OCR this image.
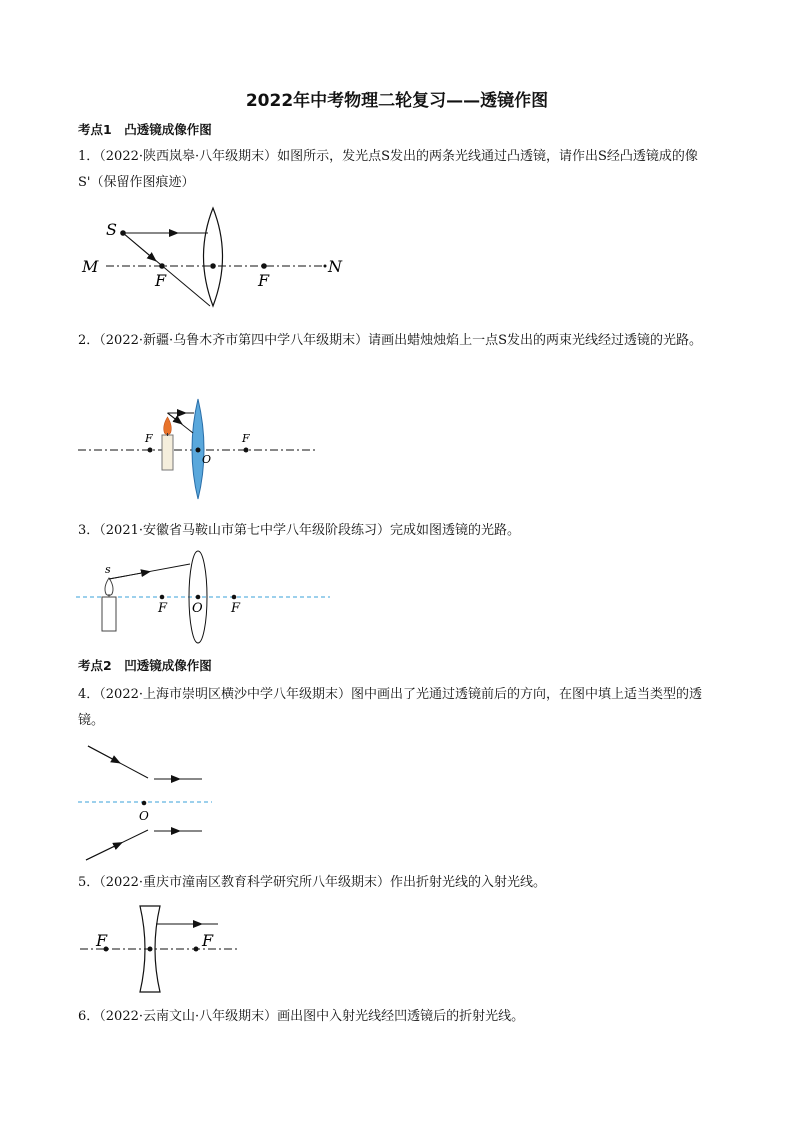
2022年中考物理二轮复习——透镜作图
考点1　凸透镜成像作图
1．（2022·陕西岚皋·八年级期末）如图所示，发光点S发出的两条光线通过凸透镜，请作出S经凸透镜成的像S'（保留作图痕迹）
S
M	N
F	F
2．（2022·新疆·乌鲁木齐市第四中学八年级期末）请画出蜡烛烛焰上一点S发出的两束光线经过透镜的光路。
F
O
F
3．（2021·安徽省马鞍山市第七中学八年级阶段练习）完成如图透镜的光路。
s
F O F
考点2　凹透镜成像作图
4．（2022·上海市崇明区横沙中学八年级期末）图中画出了光通过透镜前后的方向，在图中填上适当类型的透镜。
O
5．（2022·重庆市潼南区教育科学研究所八年级期末）作出折射光线的入射光线。
F	F
6．（2022·云南文山·八年级期末）画出图中入射光线经凹透镜后的折射光线。
